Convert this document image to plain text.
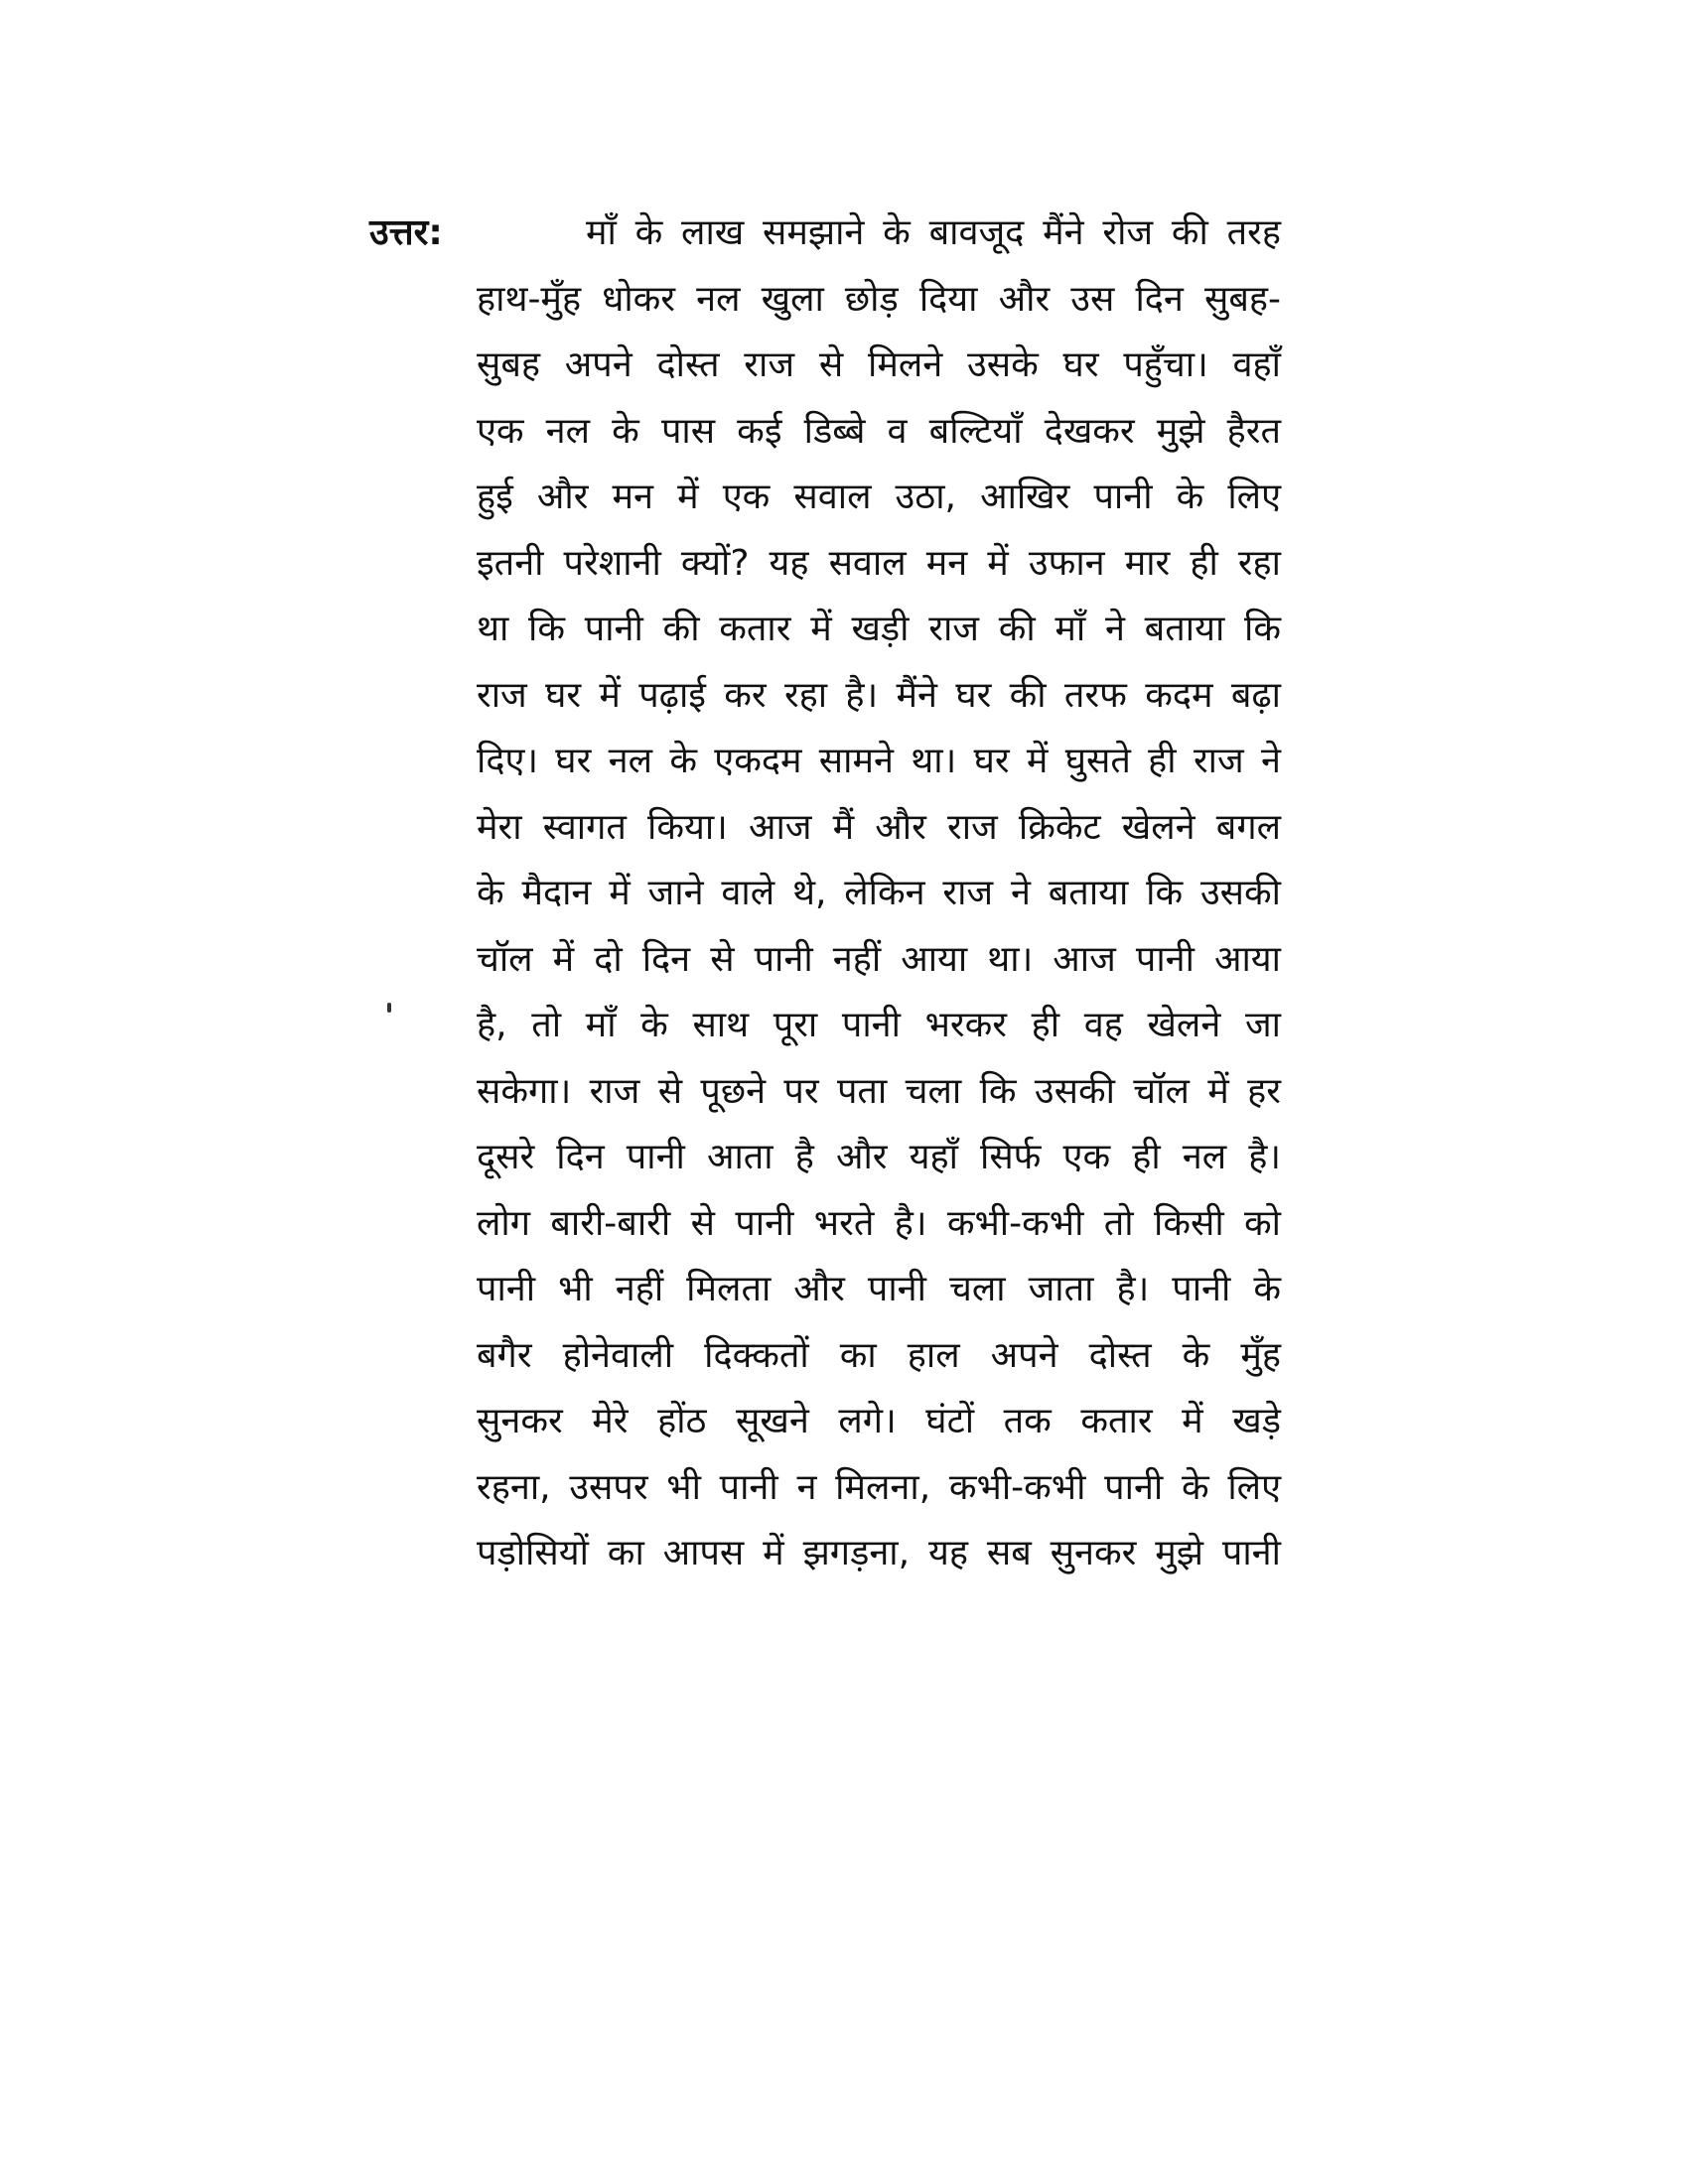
उत्तर:	माँ के लाख समझाने के बावजूद मैंने रोज की तरह
हाथ-मुँह धोकर नल खुला छोड़ दिया और उस दिन सुबह-
सुबह अपने दोस्त राज से मिलने उसके घर पहुँचा। वहाँ
एक नल के पास कई डिब्बे व बल्टियाँ देखकर मुझे हैरत
हुई और मन में एक सवाल उठा, आखिर पानी के लिए
इतनी परेशानी क्यों? यह सवाल मन में उफान मार ही रहा
था कि पानी की कतार में खड़ी राज की माँ ने बताया कि
राज घर में पढ़ाई कर रहा है। मैंने घर की तरफ कदम बढ़ा
दिए। घर नल के एकदम सामने था। घर में घुसते ही राज ने
मेरा स्वागत किया। आज मैं और राज क्रिकेट खेलने बगल
के मैदान में जाने वाले थे, लेकिन राज ने बताया कि उसकी
चॉल में दो दिन से पानी नहीं आया था। आज पानी आया
है, तो माँ के साथ पूरा पानी भरकर ही वह खेलने जा
सकेगा। राज से पूछने पर पता चला कि उसकी चॉल में हर
दूसरे दिन पानी आता है और यहाँ सिर्फ एक ही नल है।
लोग बारी-बारी से पानी भरते है। कभी-कभी तो किसी को
पानी भी नहीं मिलता और पानी चला जाता है। पानी के
बगैर होनेवाली दिक्कतों का हाल अपने दोस्त के मुँह
सुनकर मेरे होंठ सूखने लगे। घंटों तक कतार में खड़े
रहना, उसपर भी पानी न मिलना, कभी-कभी पानी के लिए
पड़ोसियों का आपस में झगड़ना, यह सब सुनकर मुझे पानी
